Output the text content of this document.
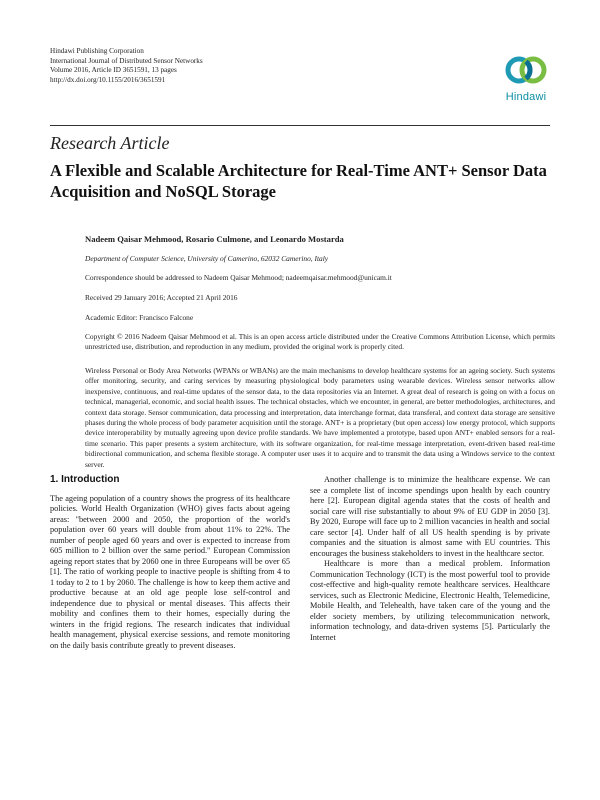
Hindawi Publishing Corporation
International Journal of Distributed Sensor Networks
Volume 2016, Article ID 3651591, 13 pages
http://dx.doi.org/10.1155/2016/3651591
Hindawi
Research Article
A Flexible and Scalable Architecture for Real-Time ANT+ Sensor Data Acquisition and NoSQL Storage
Nadeem Qaisar Mehmood, Rosario Culmone, and Leonardo Mostarda
Department of Computer Science, University of Camerino, 62032 Camerino, Italy
Correspondence should be addressed to Nadeem Qaisar Mehmood; nadeemqaisar.mehmood@unicam.it
Received 29 January 2016; Accepted 21 April 2016
Academic Editor: Francisco Falcone
Copyright © 2016 Nadeem Qaisar Mehmood et al. This is an open access article distributed under the Creative Commons Attribution License, which permits unrestricted use, distribution, and reproduction in any medium, provided the original work is properly cited.
Wireless Personal or Body Area Networks (WPANs or WBANs) are the main mechanisms to develop healthcare systems for an ageing society. Such systems offer monitoring, security, and caring services by measuring physiological body parameters using wearable devices. Wireless sensor networks allow inexpensive, continuous, and real-time updates of the sensor data, to the data repositories via an Internet. A great deal of research is going on with a focus on technical, managerial, economic, and social health issues. The technical obstacles, which we encounter, in general, are better methodologies, architectures, and context data storage. Sensor communication, data processing and interpretation, data interchange format, data transferal, and context data storage are sensitive phases during the whole process of body parameter acquisition until the storage. ANT+ is a proprietary (but open access) low energy protocol, which supports device interoperability by mutually agreeing upon device profile standards. We have implemented a prototype, based upon ANT+ enabled sensors for a real-time scenario. This paper presents a system architecture, with its software organization, for real-time message interpretation, event-driven based real-time bidirectional communication, and schema flexible storage. A computer user uses it to acquire and to transmit the data using a Windows service to the context server.
1. Introduction

The ageing population of a country shows the progress of its healthcare policies. World Health Organization (WHO) gives facts about ageing areas: "between 2000 and 2050, the proportion of the world's population over 60 years will double from about 11% to 22%. The number of people aged 60 years and over is expected to increase from 605 million to 2 billion over the same period." European Commission ageing report states that by 2060 one in three Europeans will be over 65 [1]. The ratio of working people to inactive people is shifting from 4 to 1 today to 2 to 1 by 2060. The challenge is how to keep them active and productive because at an old age people lose self-control and independence due to physical or mental diseases. This affects their mobility and confines them to their homes, especially during the winters in the frigid regions. The research indicates that individual health management, physical exercise sessions, and remote monitoring on the daily basis contribute greatly to prevent diseases.

Another challenge is to minimize the healthcare expense. We can see a complete list of income spendings upon health by each country here [2]. European digital agenda states that the costs of health and social care will rise substantially to about 9% of EU GDP in 2050 [3]. By 2020, Europe will face up to 2 million vacancies in health and social care sector [4]. Under half of all US health spending is by private companies and the situation is almost same with EU countries. This encourages the business stakeholders to invest in the healthcare sector.

Healthcare is more than a medical problem. Information Communication Technology (ICT) is the most powerful tool to provide cost-effective and high-quality remote healthcare services. Healthcare services, such as Electronic Medicine, Electronic Health, Telemedicine, Mobile Health, and Telehealth, have taken care of the young and the elder society members, by utilizing telecommunication network, information technology, and data-driven systems [5]. Particularly the Internet
